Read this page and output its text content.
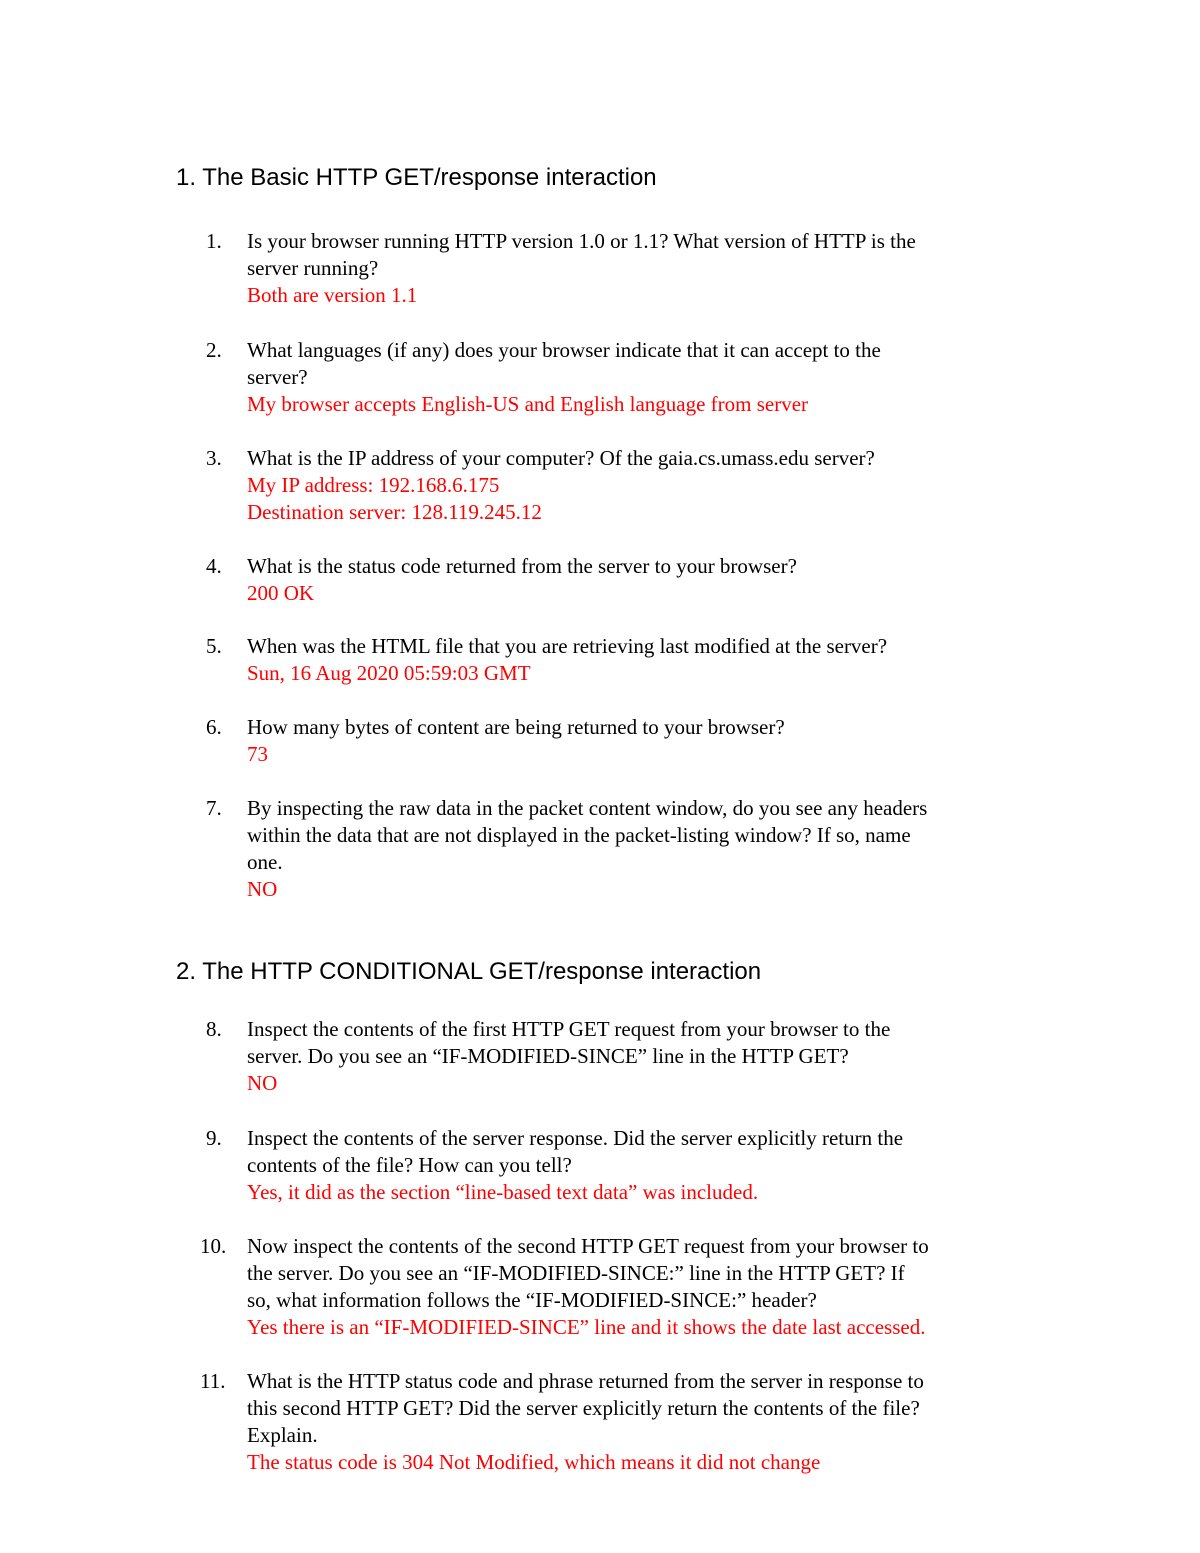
1. The Basic HTTP GET/response interaction
1.	Is your browser running HTTP version 1.0 or 1.1? What version of HTTP is the
server running?
Both are version 1.1
2.	What languages (if any) does your browser indicate that it can accept to the
server?
My browser accepts English-US and English language from server
3.	What is the IP address of your computer? Of the gaia.cs.umass.edu server?
My IP address: 192.168.6.175
Destination server: 128.119.245.12
4.	What is the status code returned from the server to your browser?
200 OK
5.	When was the HTML file that you are retrieving last modified at the server?
Sun, 16 Aug 2020 05:59:03 GMT
6.	How many bytes of content are being returned to your browser?
73
7.	By inspecting the raw data in the packet content window, do you see any headers
within the data that are not displayed in the packet-listing window? If so, name
one.
NO
2. The HTTP CONDITIONAL GET/response interaction
8.	Inspect the contents of the first HTTP GET request from your browser to the
server. Do you see an “IF-MODIFIED-SINCE” line in the HTTP GET?
NO
9.	Inspect the contents of the server response. Did the server explicitly return the
contents of the file? How can you tell?
Yes, it did as the section “line-based text data” was included.
10. Now inspect the contents of the second HTTP GET request from your browser to
the server. Do you see an “IF-MODIFIED-SINCE:” line in the HTTP GET? If
so, what information follows the “IF-MODIFIED-SINCE:” header?
Yes there is an “IF-MODIFIED-SINCE” line and it shows the date last accessed.
11.	What is the HTTP status code and phrase returned from the server in response to
this second HTTP GET? Did the server explicitly return the contents of the file?
Explain.
The status code is 304 Not Modified, which means it did not change
